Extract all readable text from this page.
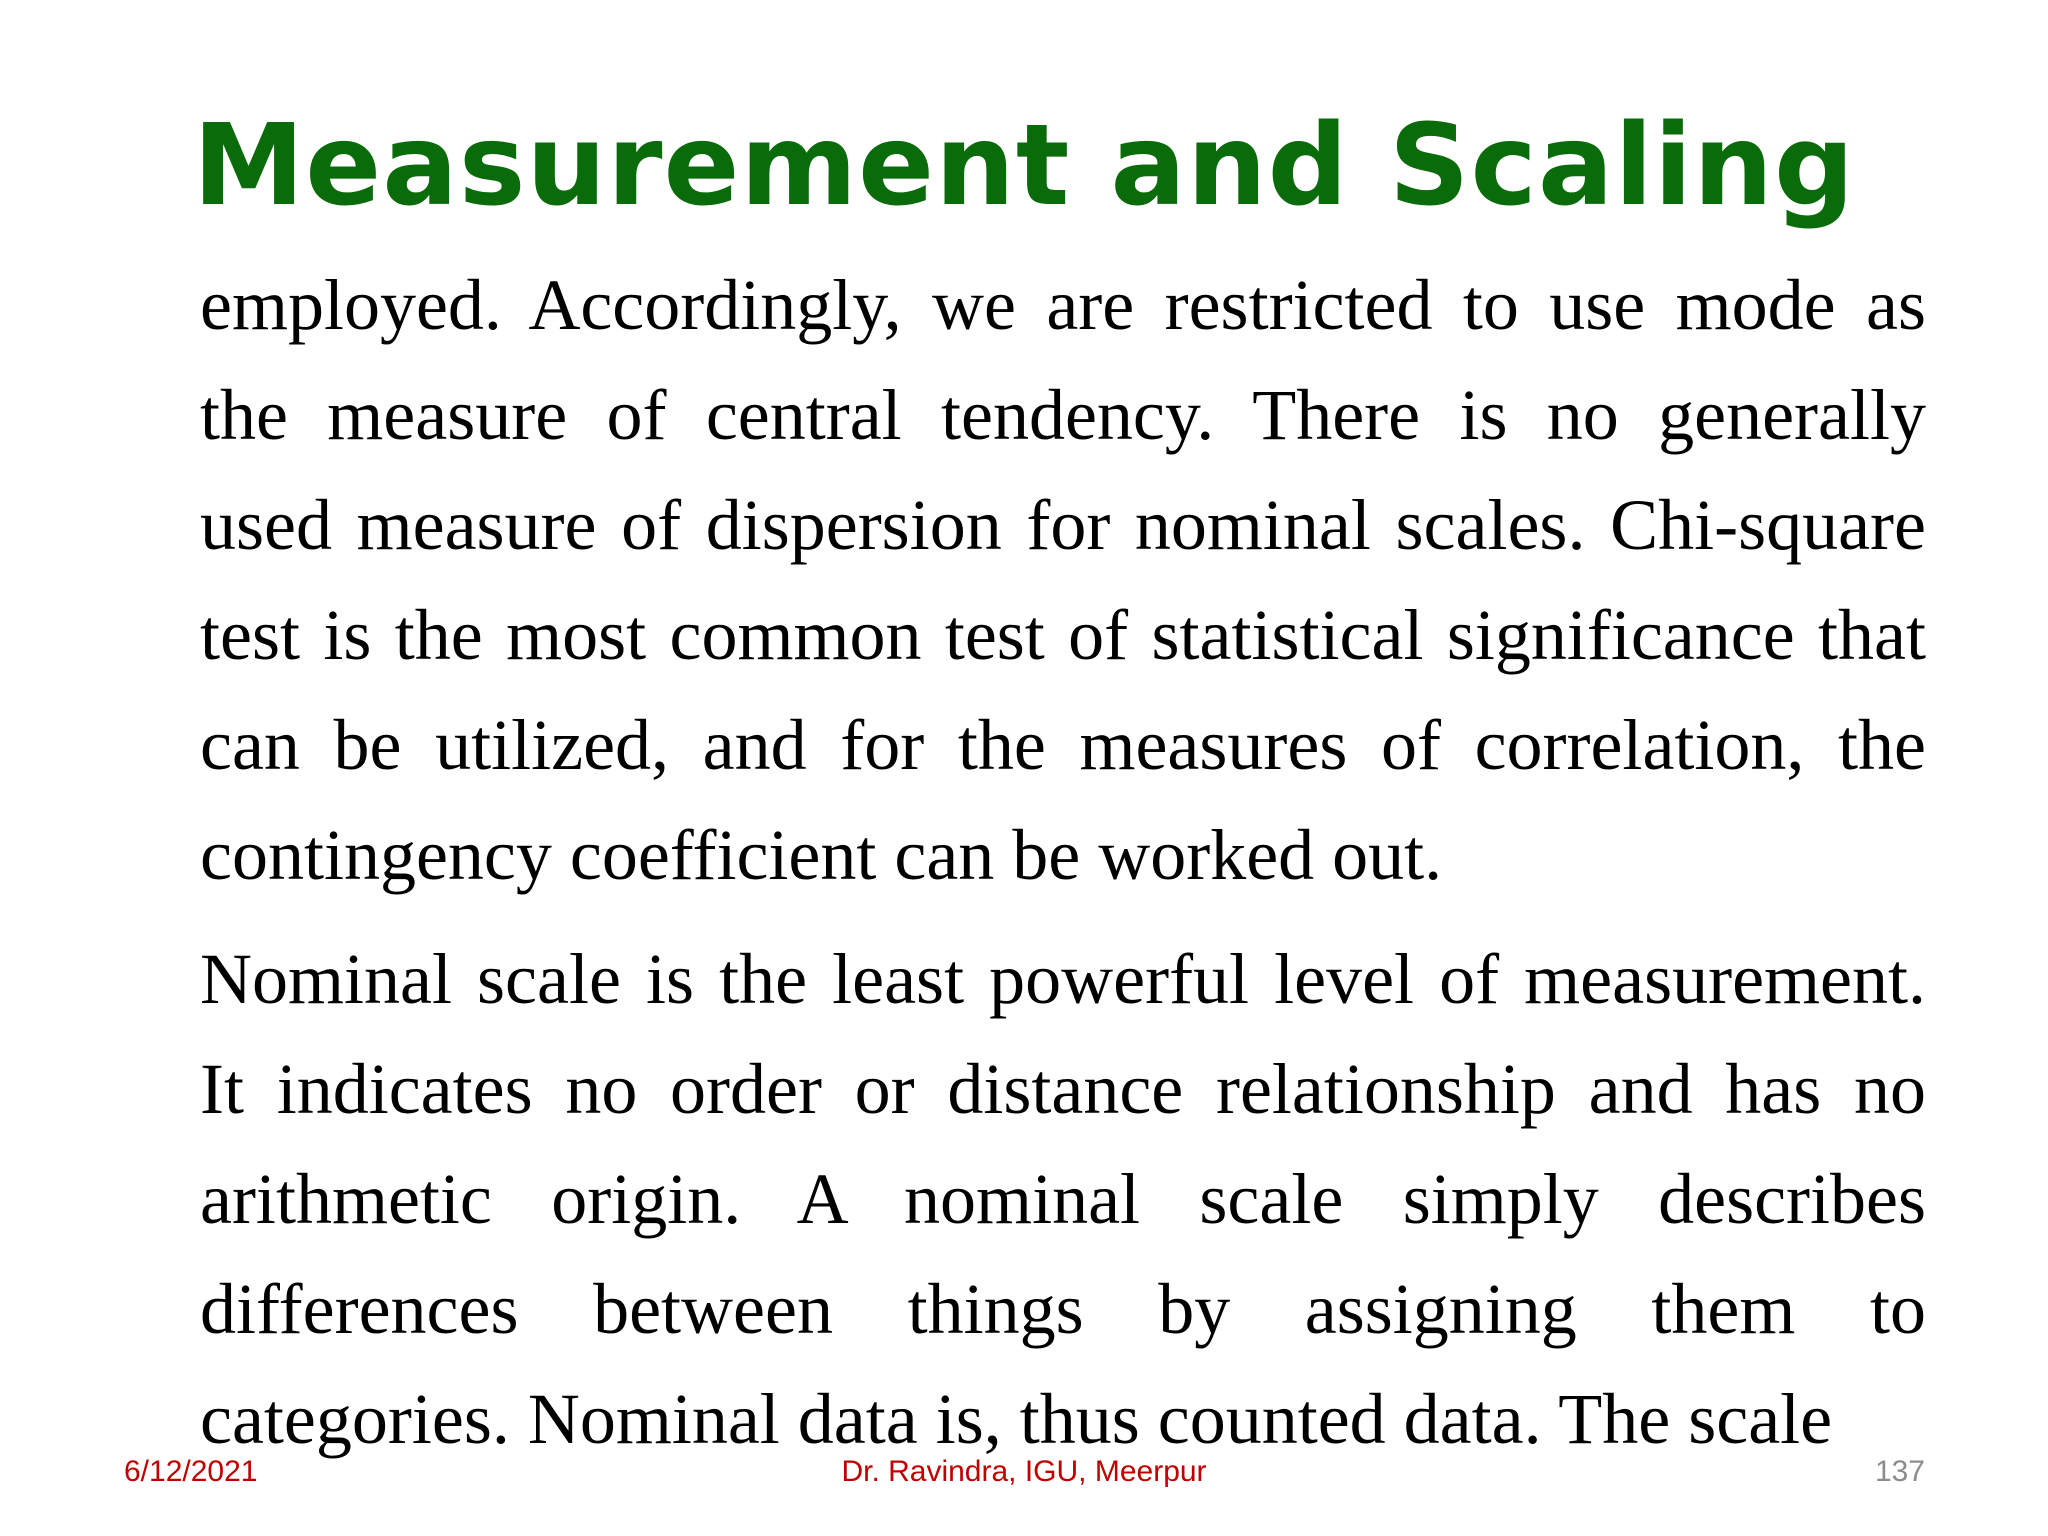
Measurement and Scaling
employed. Accordingly, we are restricted to use mode as
the measure of central tendency. There is no generally
used measure of dispersion for nominal scales. Chi-square
test is the most common test of statistical significance that
can be utilized, and for the measures of correlation, the
contingency coefficient can be worked out.
Nominal scale is the least powerful level of measurement.
It indicates no order or distance relationship and has no
arithmetic origin. A nominal scale simply describes
differences between things by assigning them to
categories. Nominal data is, thus counted data. The scale
6/12/2021	Dr. Ravindra, IGU, Meerpur	137
